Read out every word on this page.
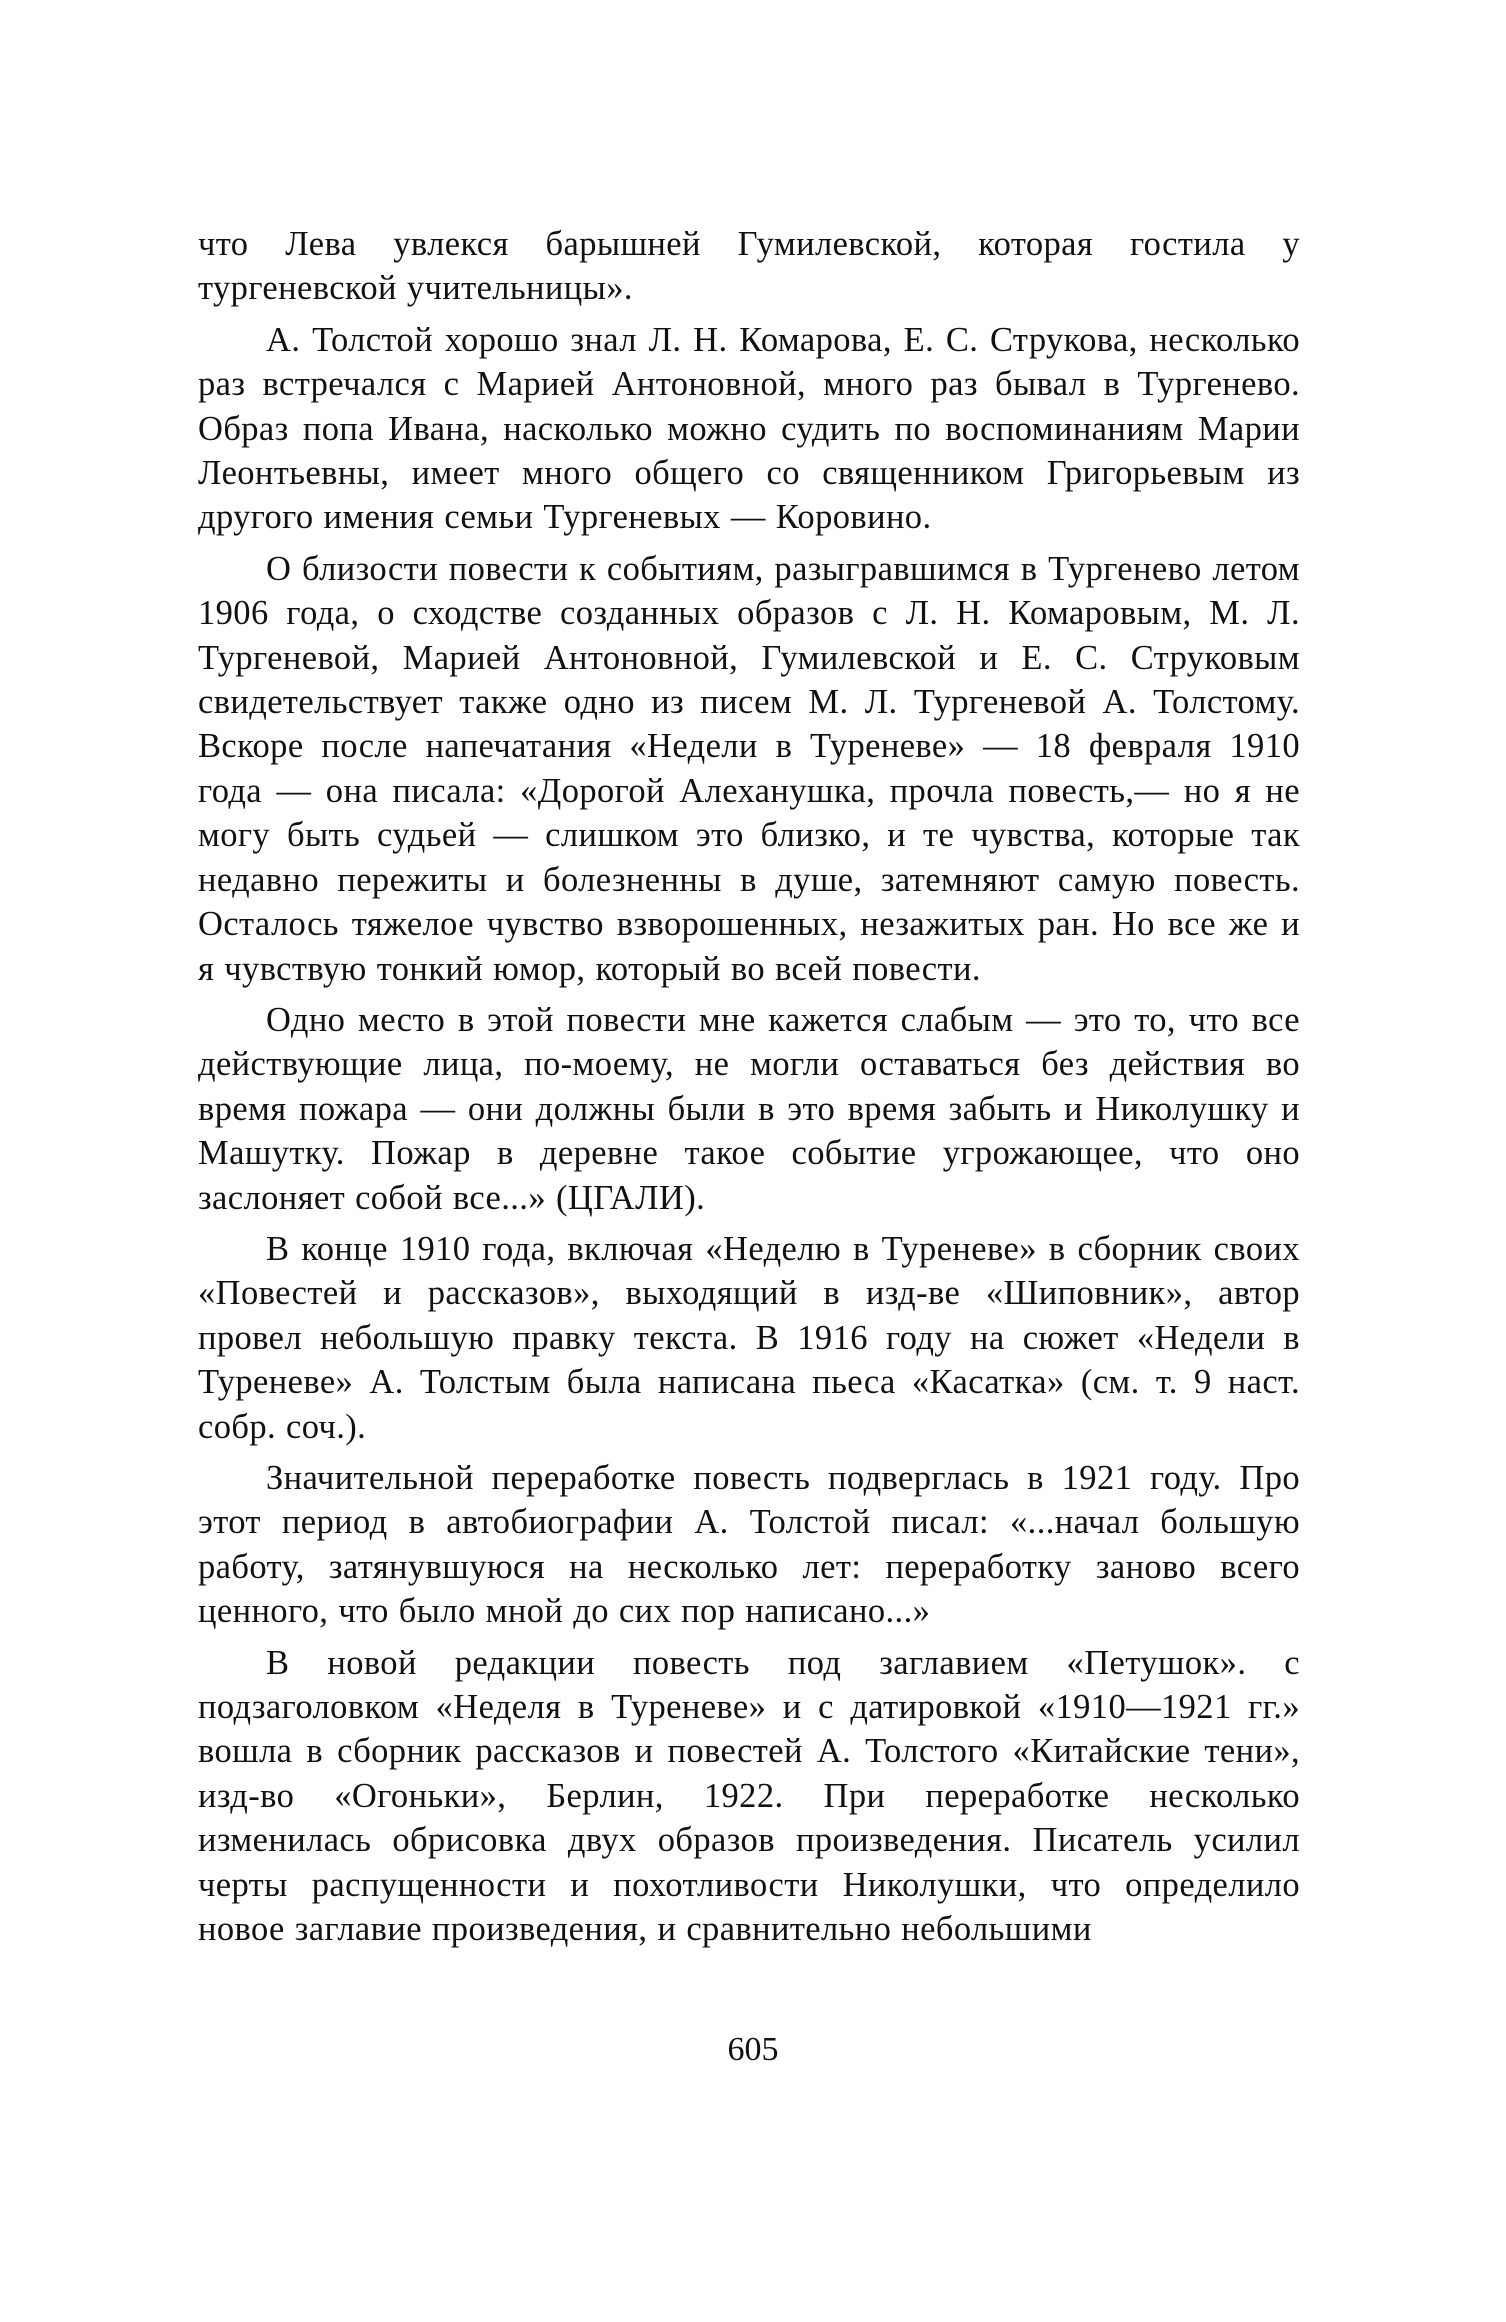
что Лева увлекся барышней Гумилевской, которая гостила у тургеневской учительницы».

А. Толстой хорошо знал Л. Н. Комарова, Е. С. Струкова, несколько раз встречался с Марией Антоновной, много раз бывал в Тургенево. Образ попа Ивана, насколько можно судить по воспоминаниям Марии Леонтьевны, имеет много общего со священником Григорьевым из другого имения семьи Тургеневых — Коровино.

О близости повести к событиям, разыгравшимся в Тургенево летом 1906 года, о сходстве созданных образов с Л. Н. Комаровым, М. Л. Тургеневой, Марией Антоновной, Гумилевской и Е. С. Струковым свидетельствует также одно из писем М. Л. Тургеневой А. Толстому. Вскоре после напечатания «Недели в Туреневе» — 18 февраля 1910 года — она писала: «Дорогой Алеханушка, прочла повесть,— но я не могу быть судьей — слишком это близко, и те чувства, которые так недавно пережиты и болезненны в душе, затемняют самую повесть. Осталось тяжелое чувство взворошенных, незажитых ран. Но все же и я чувствую тонкий юмор, который во всей повести.

Одно место в этой повести мне кажется слабым — это то, что все действующие лица, по-моему, не могли оставаться без действия во время пожара — они должны были в это время забыть и Николушку и Машутку. Пожар в деревне такое событие угрожающее, что оно заслоняет собой все...» (ЦГАЛИ).

В конце 1910 года, включая «Неделю в Туреневе» в сборник своих «Повестей и рассказов», выходящий в изд-ве «Шиповник», автор провел небольшую правку текста. В 1916 году на сюжет «Недели в Туреневе» А. Толстым была написана пьеса «Касатка» (см. т. 9 наст. собр. соч.).

Значительной переработке повесть подверглась в 1921 году. Про этот период в автобиографии А. Толстой писал: «...начал большую работу, затянувшуюся на несколько лет: переработку заново всего ценного, что было мной до сих пор написано...»

В новой редакции повесть под заглавием «Петушок». с подзаголовком «Неделя в Туреневе» и с датировкой «1910—1921 гг.» вошла в сборник рассказов и повестей А. Толстого «Китайские тени», изд-во «Огоньки», Берлин, 1922. При переработке несколько изменилась обрисовка двух образов произведения. Писатель усилил черты распущенности и похотливости Николушки, что определило новое заглавие произведения, и сравнительно небольшими

605
